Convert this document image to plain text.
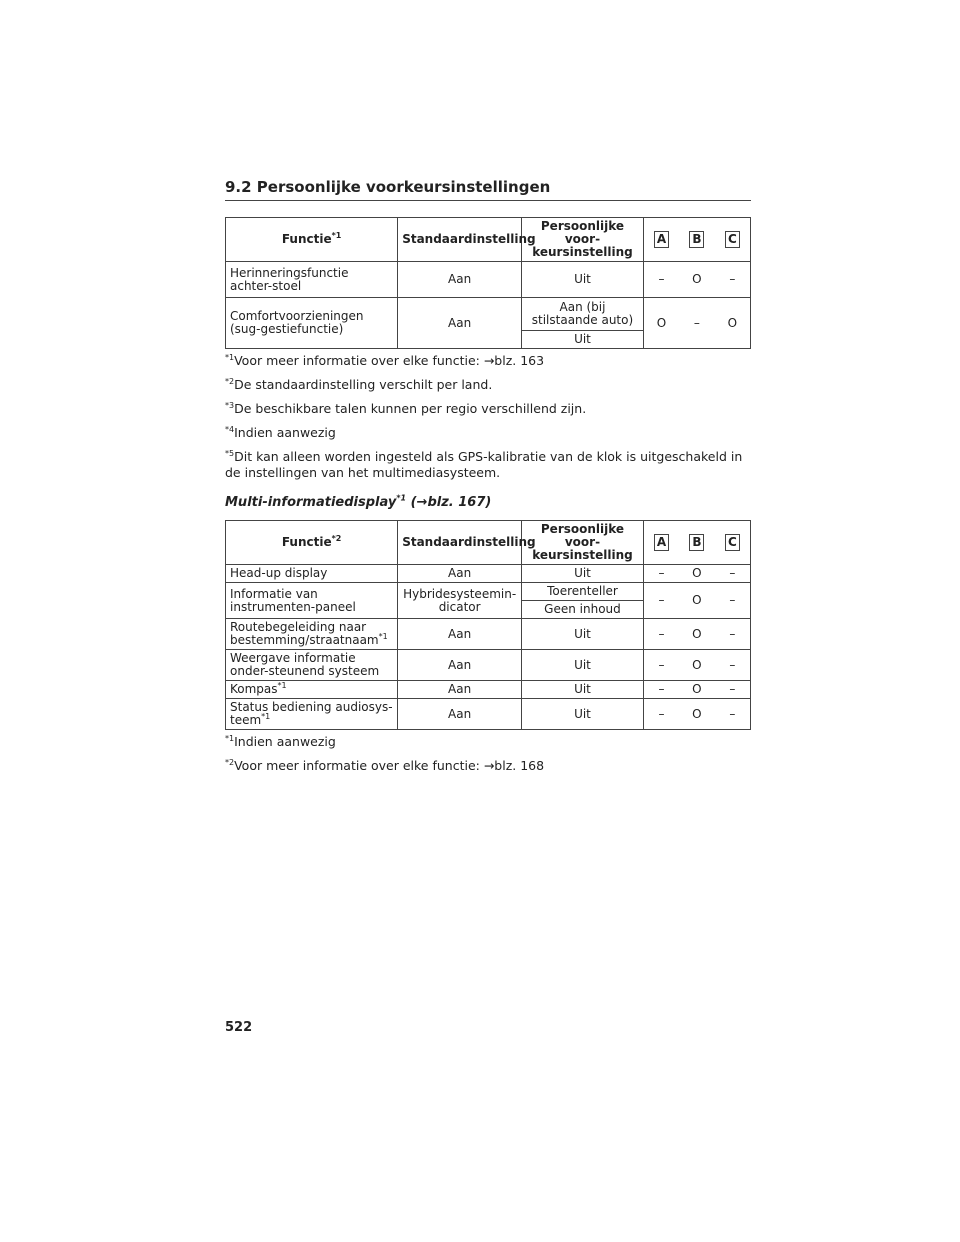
9.2 Persoonlijke voorkeursinstellingen
Functie$^{*1}$	Standaardinstelling	Persoonlijke voor-keursinstelling	A	B	C
Herinneringsfunctie achter-stoel	Aan	Uit	–	O	–
Comfortvoorzieningen (sug-gestiefunctie)	Aan	Aan (bij stilstaande auto)	O	–	O
		Uit			
$^{*1}$Voor meer informatie over elke functie: →blz. 163
$^{*2}$De standaardinstelling verschilt per land.
$^{*3}$De beschikbare talen kunnen per regio verschillend zijn.
$^{*4}$Indien aanwezig
$^{*5}$Dit kan alleen worden ingesteld als GPS-kalibratie van de klok is uitgeschakeld in de instellingen van het multimediasysteem.
Multi-informatiedisplay$^{*1}$ (→blz. 167)
Functie$^{*2}$	Standaardinstelling	Persoonlijke voor-keursinstelling	A	B	C
Head-up display	Aan	Uit	–	O	–
Informatie van instrumenten-paneel	Hybridesysteemin-dicator	Toerenteller	–	O	–
		Geen inhoud			
Routebegeleiding naar bestemming/straatnaam$^{*1}$	Aan	Uit	–	O	–
Weergave informatie onder-steunend systeem	Aan	Uit	–	O	–
Kompas$^{*1}$	Aan	Uit	–	O	–
Status bediening audiosys-teem$^{*1}$	Aan	Uit	–	O	–
$^{*1}$Indien aanwezig
$^{*2}$Voor meer informatie over elke functie: →blz. 168
522
